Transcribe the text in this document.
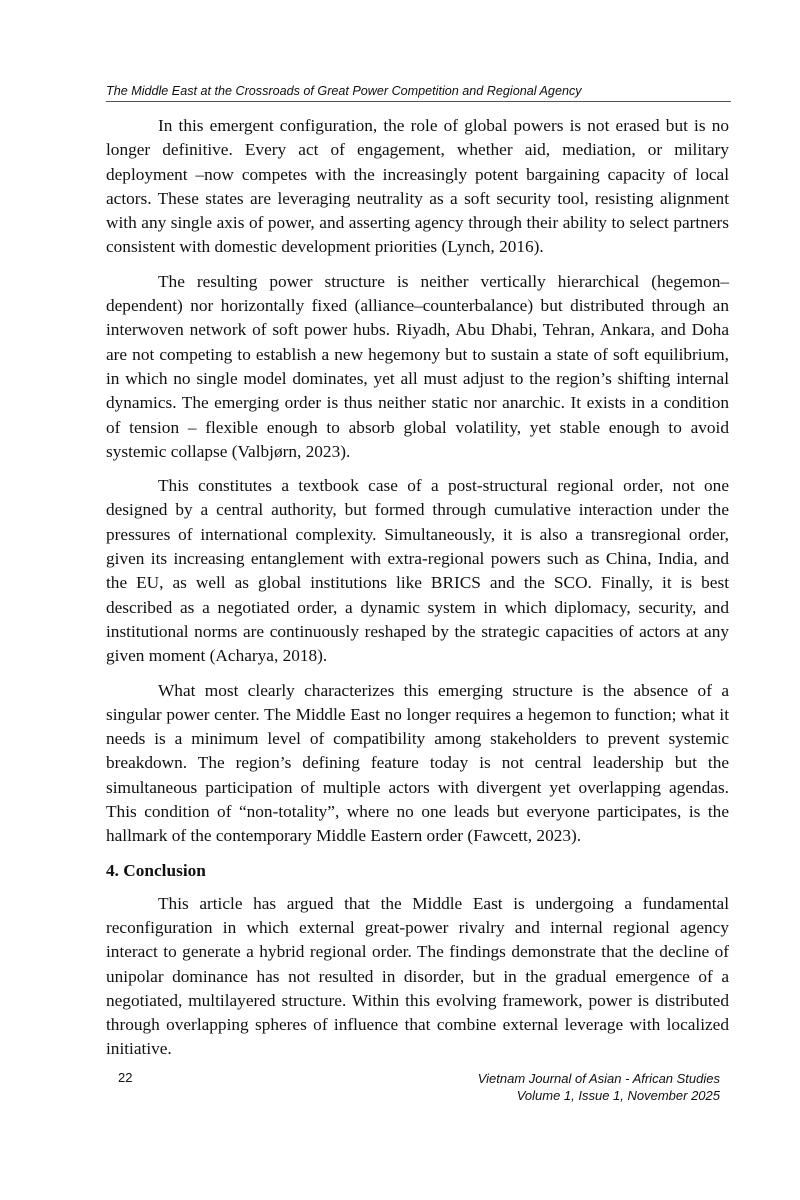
The Middle East at the Crossroads of Great Power Competition and Regional Agency

In this emergent configuration, the role of global powers is not erased but is no longer definitive. Every act of engagement, whether aid, mediation, or military deployment –now competes with the increasingly potent bargaining capacity of local actors. These states are leveraging neutrality as a soft security tool, resisting alignment with any single axis of power, and asserting agency through their ability to select partners consistent with domestic development priorities (Lynch, 2016).

The resulting power structure is neither vertically hierarchical (hegemon–dependent) nor horizontally fixed (alliance–counterbalance) but distributed through an interwoven network of soft power hubs. Riyadh, Abu Dhabi, Tehran, Ankara, and Doha are not competing to establish a new hegemony but to sustain a state of soft equilibrium, in which no single model dominates, yet all must adjust to the region’s shifting internal dynamics. The emerging order is thus neither static nor anarchic. It exists in a condition of tension – flexible enough to absorb global volatility, yet stable enough to avoid systemic collapse (Valbjørn, 2023).

This constitutes a textbook case of a post-structural regional order, not one designed by a central authority, but formed through cumulative interaction under the pressures of international complexity. Simultaneously, it is also a transregional order, given its increasing entanglement with extra-regional powers such as China, India, and the EU, as well as global institutions like BRICS and the SCO. Finally, it is best described as a negotiated order, a dynamic system in which diplomacy, security, and institutional norms are continuously reshaped by the strategic capacities of actors at any given moment (Acharya, 2018).

What most clearly characterizes this emerging structure is the absence of a singular power center. The Middle East no longer requires a hegemon to function; what it needs is a minimum level of compatibility among stakeholders to prevent systemic breakdown. The region’s defining feature today is not central leadership but the simultaneous participation of multiple actors with divergent yet overlapping agendas. This condition of “non-totality”, where no one leads but everyone participates, is the hallmark of the contemporary Middle Eastern order (Fawcett, 2023).

4. Conclusion

This article has argued that the Middle East is undergoing a fundamental reconfiguration in which external great-power rivalry and internal regional agency interact to generate a hybrid regional order. The findings demonstrate that the decline of unipolar dominance has not resulted in disorder, but in the gradual emergence of a negotiated, multilayered structure. Within this evolving framework, power is distributed through overlapping spheres of influence that combine external leverage with localized initiative.

22	Vietnam Journal of Asian - African Studies
Volume 1, Issue 1, November 2025
